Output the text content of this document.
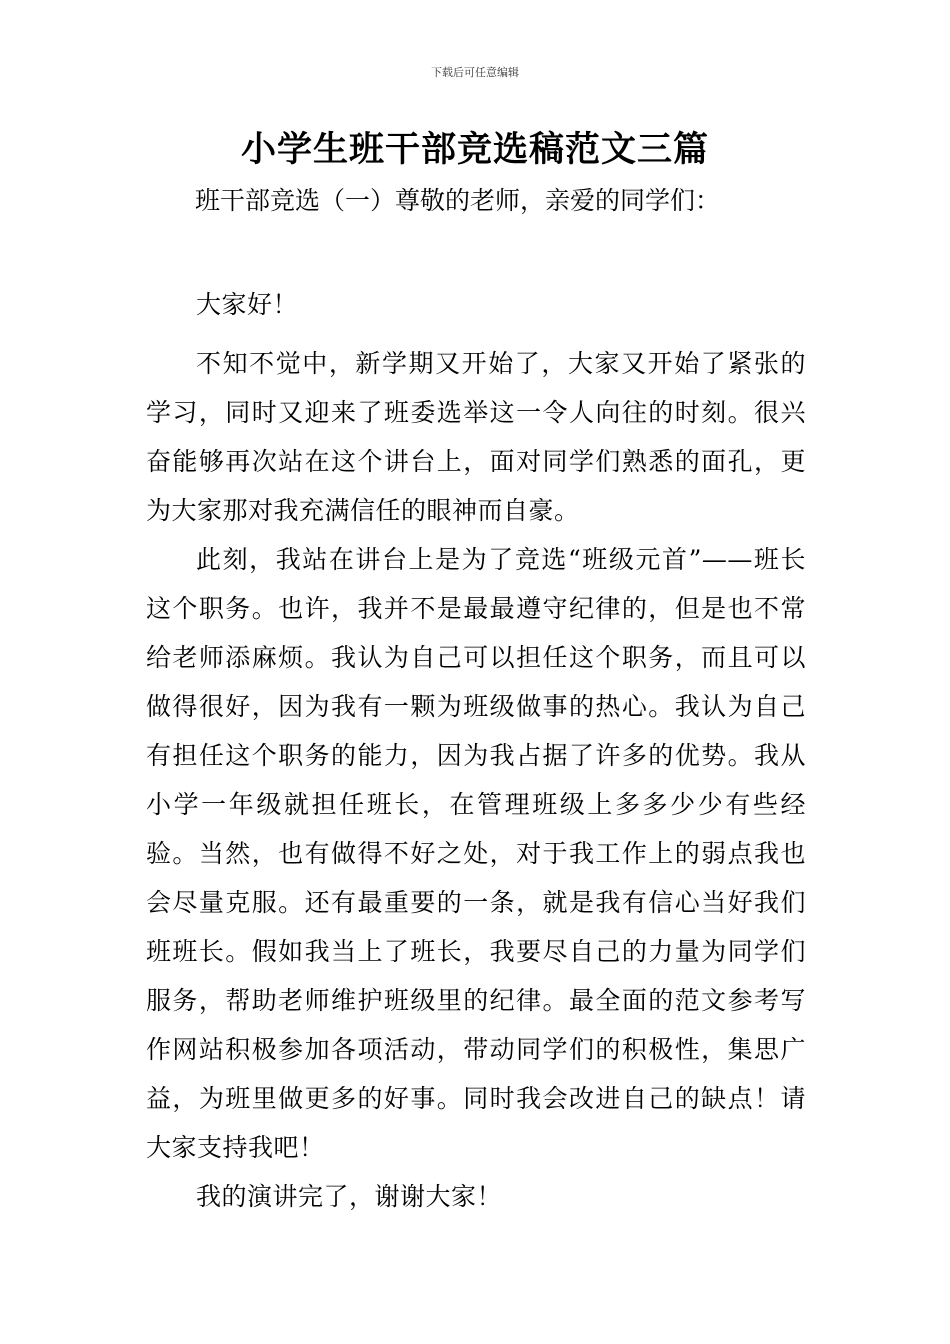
下载后可任意编辑
小学生班干部竞选稿范文三篇
班干部竞选（一）尊敬的老师，亲爱的同学们：

大家好！

不知不觉中，新学期又开始了，大家又开始了紧张的学习，同时又迎来了班委选举这一令人向往的时刻。很兴奋能够再次站在这个讲台上，面对同学们熟悉的面孔，更为大家那对我充满信任的眼神而自豪。

此刻，我站在讲台上是为了竞选“班级元首”——班长这个职务。也许，我并不是最最遵守纪律的，但是也不常给老师添麻烦。我认为自己可以担任这个职务，而且可以做得很好，因为我有一颗为班级做事的热心。我认为自己有担任这个职务的能力，因为我占据了许多的优势。我从小学一年级就担任班长，在管理班级上多多少少有些经验。当然，也有做得不好之处，对于我工作上的弱点我也会尽量克服。还有最重要的一条，就是我有信心当好我们班班长。假如我当上了班长，我要尽自己的力量为同学们服务，帮助老师维护班级里的纪律。最全面的范文参考写作网站积极参加各项活动，带动同学们的积极性，集思广益，为班里做更多的好事。同时我会改进自己的缺点！请大家支持我吧！

我的演讲完了，谢谢大家！
